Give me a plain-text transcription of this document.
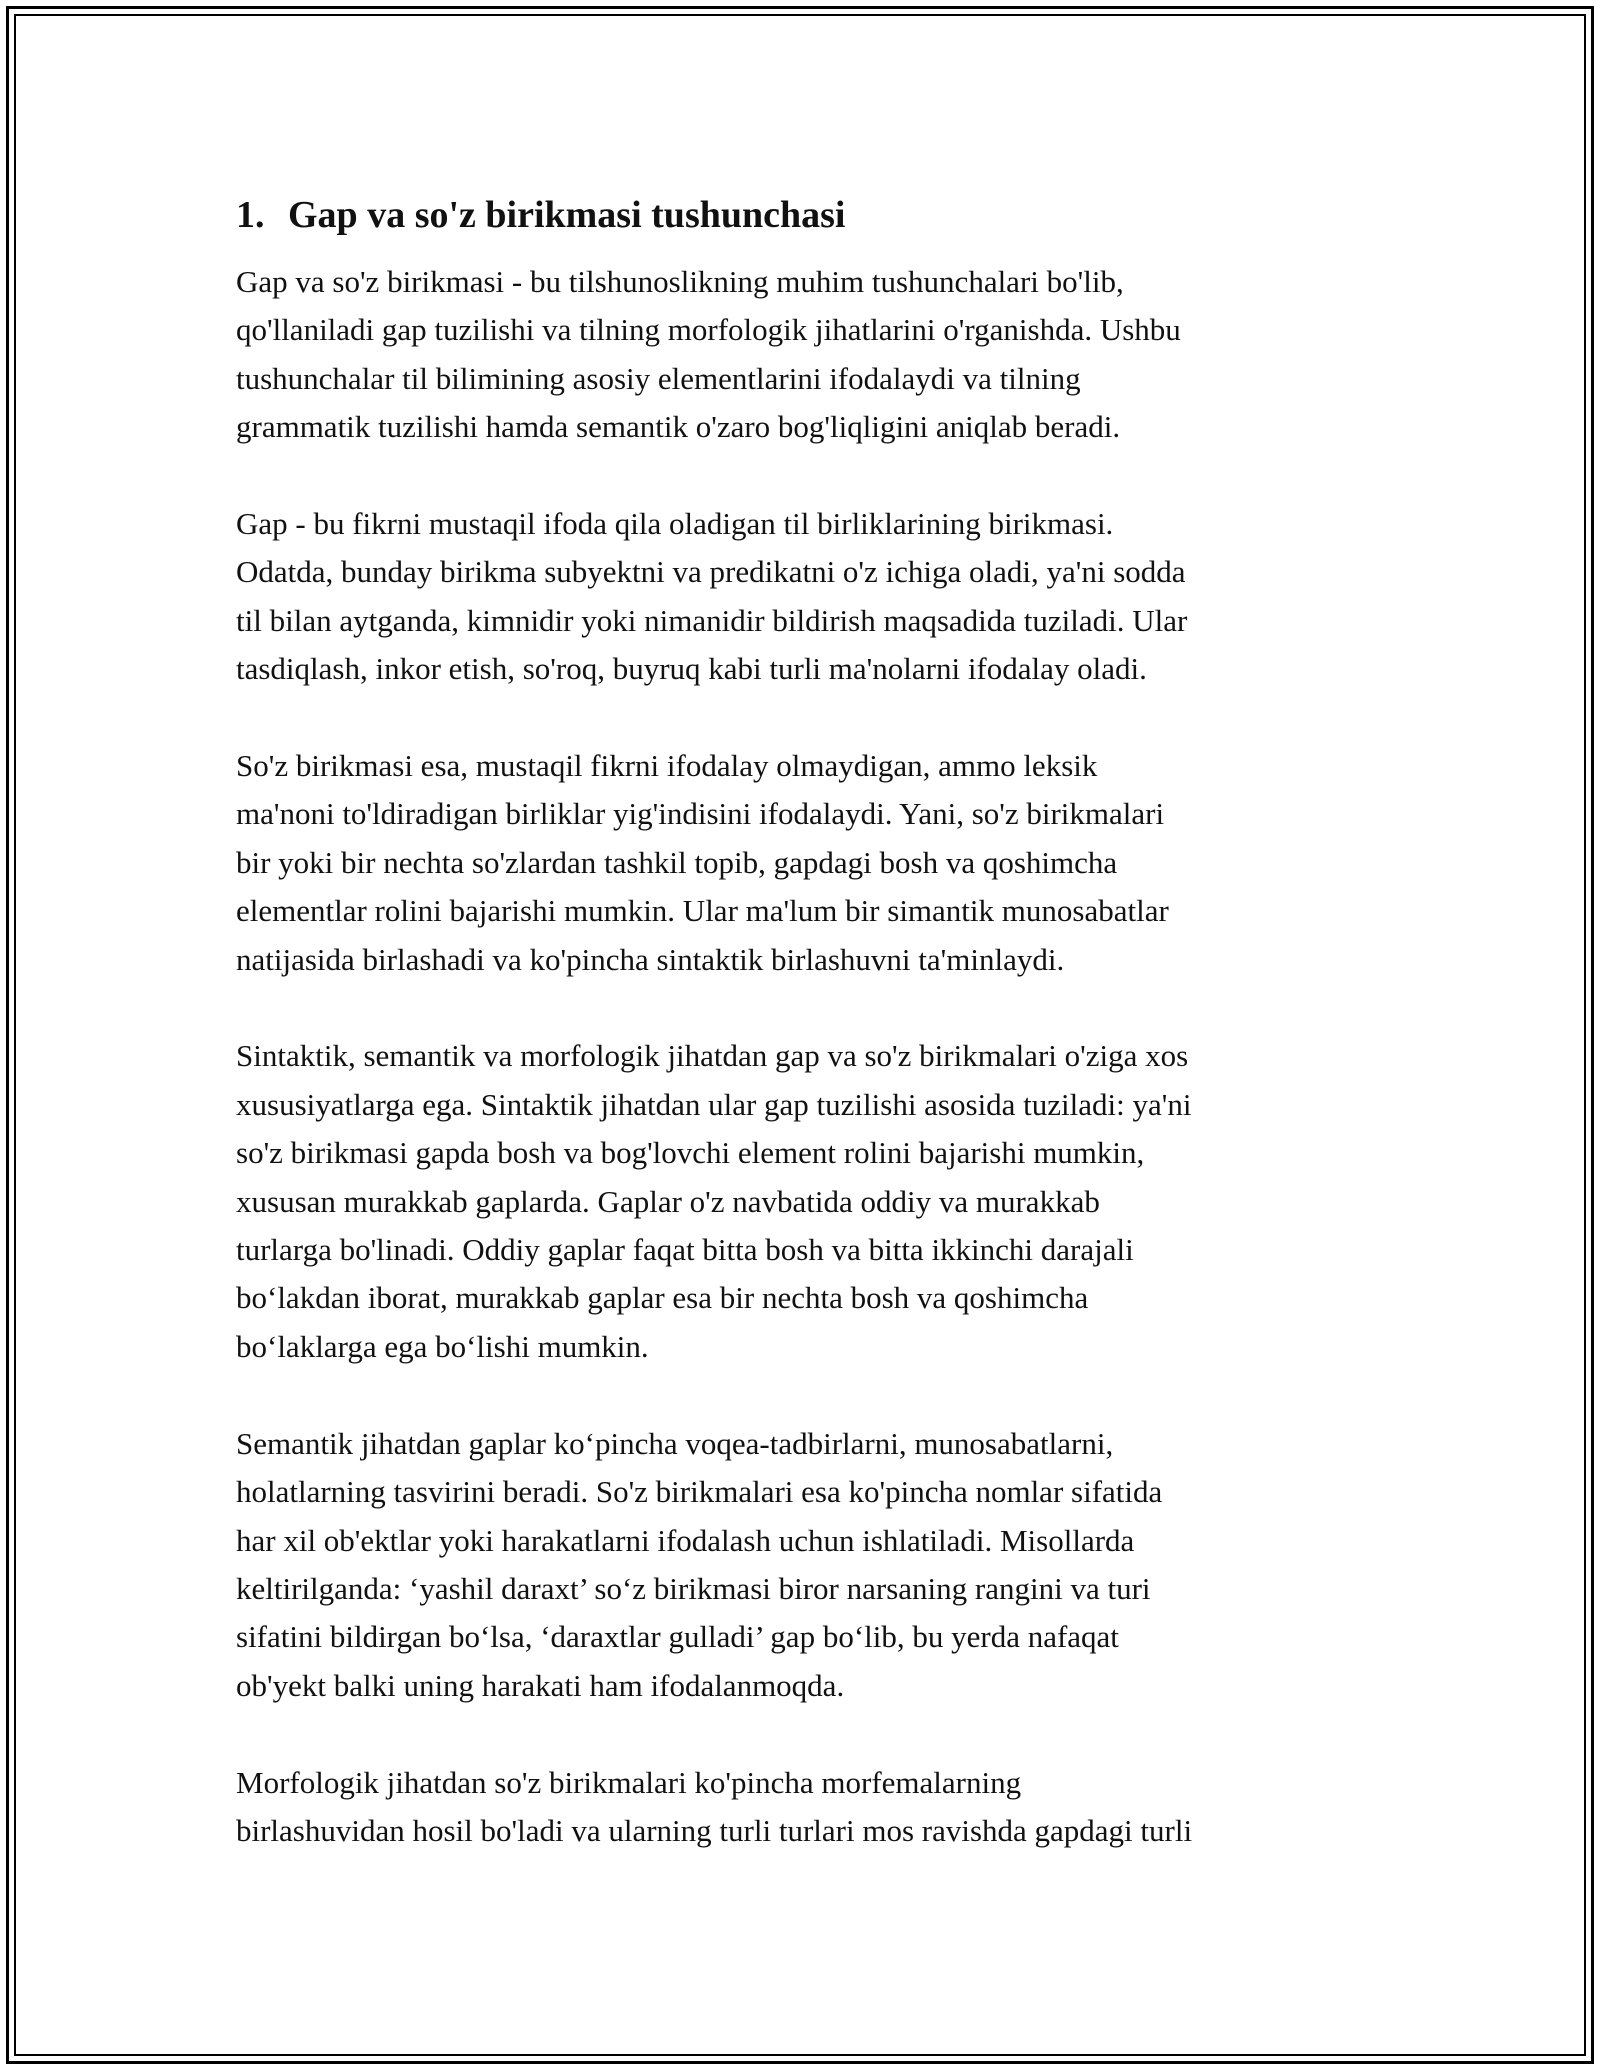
1. Gap va so'z birikmasi tushunchasi

Gap va so'z birikmasi - bu tilshunoslikning muhim tushunchalari bo'lib,
qo'llaniladi gap tuzilishi va tilning morfologik jihatlarini o'rganishda. Ushbu
tushunchalar til bilimining asosiy elementlarini ifodalaydi va tilning
grammatik tuzilishi hamda semantik o'zaro bog'liqligini aniqlab beradi.

Gap - bu fikrni mustaqil ifoda qila oladigan til birliklarining birikmasi.
Odatda, bunday birikma subyektni va predikatni o'z ichiga oladi, ya'ni sodda
til bilan aytganda, kimnidir yoki nimanidir bildirish maqsadida tuziladi. Ular
tasdiqlash, inkor etish, so'roq, buyruq kabi turli ma'nolarni ifodalay oladi.

So'z birikmasi esa, mustaqil fikrni ifodalay olmaydigan, ammo leksik
ma'noni to'ldiradigan birliklar yig'indisini ifodalaydi. Yani, so'z birikmalari
bir yoki bir nechta so'zlardan tashkil topib, gapdagi bosh va qoshimcha
elementlar rolini bajarishi mumkin. Ular ma'lum bir simantik munosabatlar
natijasida birlashadi va ko'pincha sintaktik birlashuvni ta'minlaydi.

Sintaktik, semantik va morfologik jihatdan gap va so'z birikmalari o'ziga xos
xususiyatlarga ega. Sintaktik jihatdan ular gap tuzilishi asosida tuziladi: ya'ni
so'z birikmasi gapda bosh va bog'lovchi element rolini bajarishi mumkin,
xususan murakkab gaplarda. Gaplar o'z navbatida oddiy va murakkab
turlarga bo'linadi. Oddiy gaplar faqat bitta bosh va bitta ikkinchi darajali
bo‘lakdan iborat, murakkab gaplar esa bir nechta bosh va qoshimcha
bo‘laklarga ega bo‘lishi mumkin.

Semantik jihatdan gaplar ko‘pincha voqea-tadbirlarni, munosabatlarni,
holatlarning tasvirini beradi. So'z birikmalari esa ko'pincha nomlar sifatida
har xil ob'ektlar yoki harakatlarni ifodalash uchun ishlatiladi. Misollarda
keltirilganda: ‘yashil daraxt’ so‘z birikmasi biror narsaning rangini va turi
sifatini bildirgan bo‘lsa, ‘daraxtlar gulladi’ gap bo‘lib, bu yerda nafaqat
ob'yekt balki uning harakati ham ifodalanmoqda.

Morfologik jihatdan so'z birikmalari ko'pincha morfemalarning
birlashuvidan hosil bo'ladi va ularning turli turlari mos ravishda gapdagi turli
